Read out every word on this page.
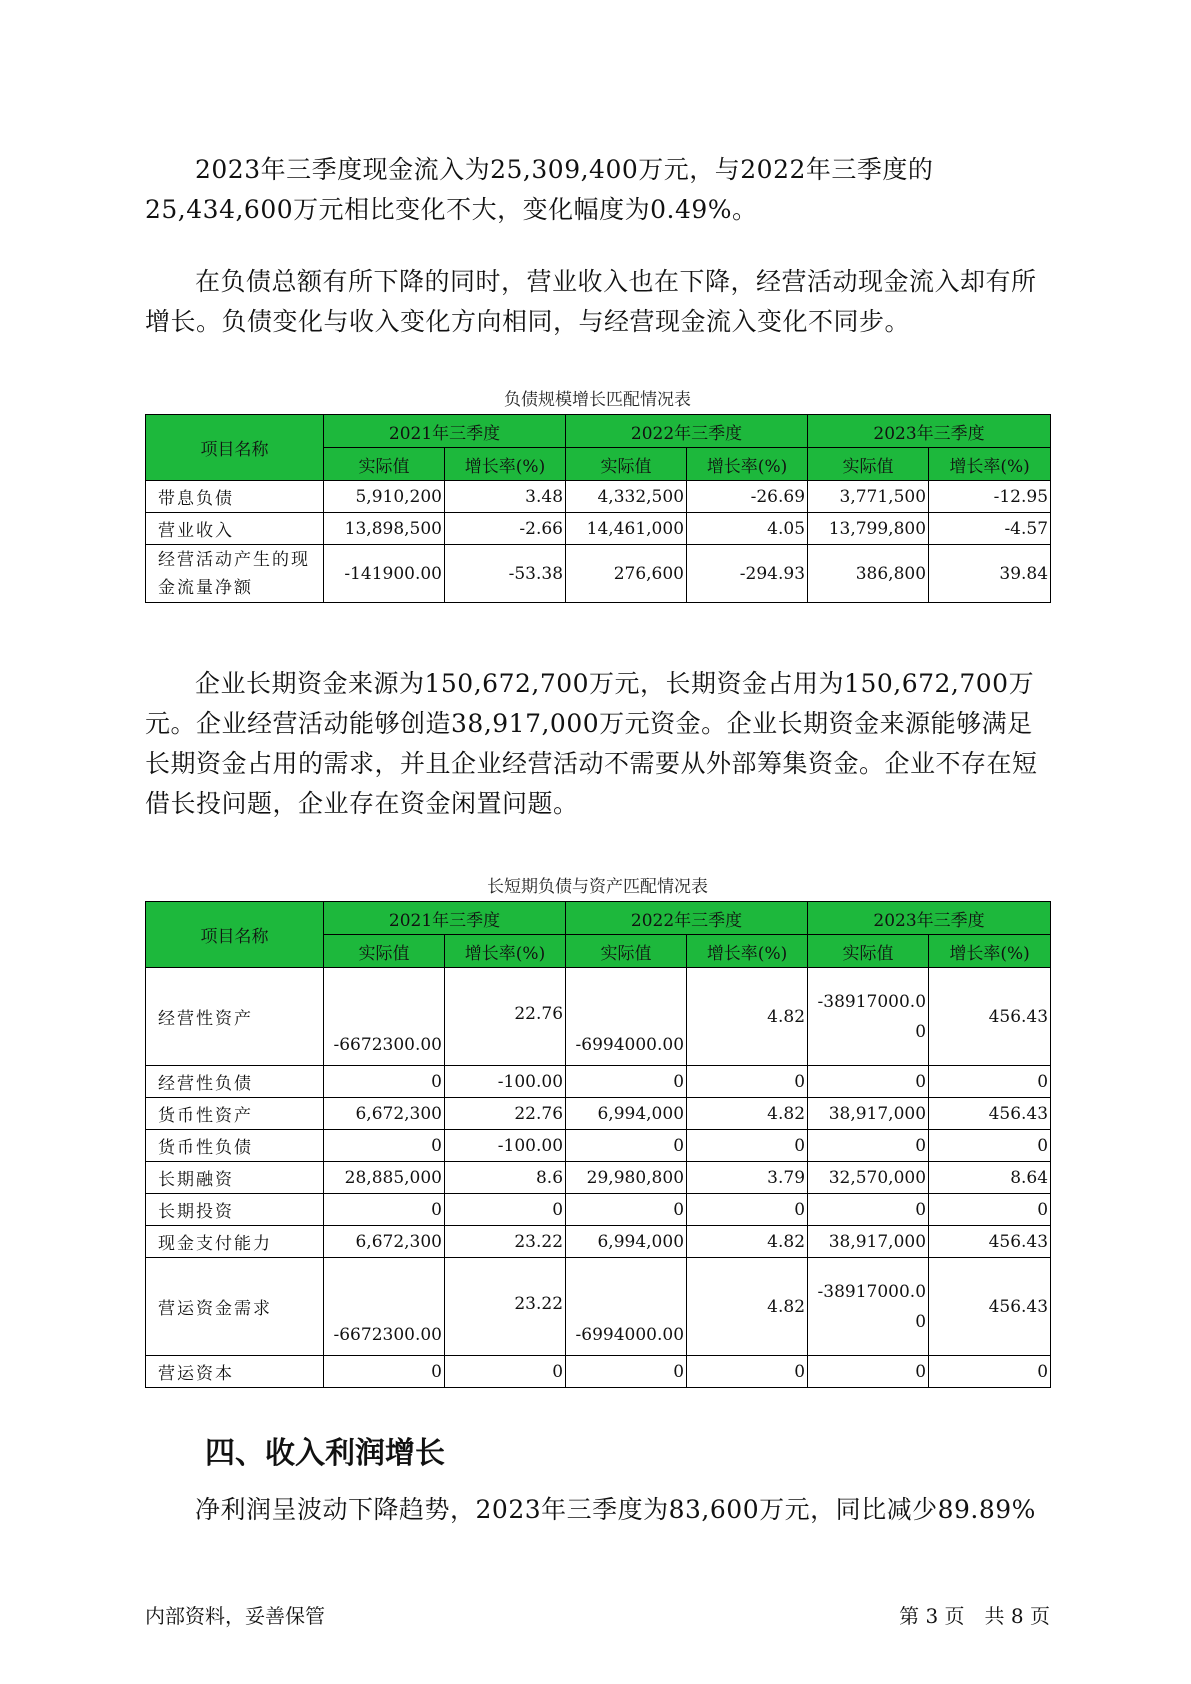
2023年三季度现金流入为25,309,400万元，与2022年三季度的25,434,600万元相比变化不大，变化幅度为0.49%。

在负债总额有所下降的同时，营业收入也在下降，经营活动现金流入却有所增长。负债变化与收入变化方向相同，与经营现金流入变化不同步。

负债规模增长匹配情况表
项目名称	2021年三季度		2022年三季度		2023年三季度	
	实际值	增长率(%)	实际值	增长率(%)	实际值	增长率(%)
带息负债	5,910,200	3.48	4,332,500	-26.69	3,771,500	-12.95
营业收入	13,898,500	-2.66	14,461,000	4.05	13,799,800	-4.57
经营活动产生的现金流量净额	-141900.00	-53.38	276,600	-294.93	386,800	39.84

企业长期资金来源为150,672,700万元，长期资金占用为150,672,700万元。企业经营活动能够创造38,917,000万元资金。企业长期资金来源能够满足长期资金占用的需求，并且企业经营活动不需要从外部筹集资金。企业不存在短借长投问题，企业存在资金闲置问题。

长短期负债与资产匹配情况表
项目名称	2021年三季度		2022年三季度		2023年三季度	
	实际值	增长率(%)	实际值	增长率(%)	实际值	增长率(%)
经营性资产	-6672300.00	22.76	-6994000.00	4.82	-38917000.00	456.43
经营性负债	0	-100.00	0	0	0	0
货币性资产	6,672,300	22.76	6,994,000	4.82	38,917,000	456.43
货币性负债	0	-100.00	0	0	0	0
长期融资	28,885,000	8.6	29,980,800	3.79	32,570,000	8.64
长期投资	0	0	0	0	0	0
现金支付能力	6,672,300	23.22	6,994,000	4.82	38,917,000	456.43
营运资金需求	-6672300.00	23.22	-6994000.00	4.82	-38917000.00	456.43
营运资本	0	0	0	0	0	0
四、收入利润增长

净利润呈波动下降趋势，2023年三季度为83,600万元，同比减少89.89%

内部资料，妥善保管	第 3 页　共 8 页
